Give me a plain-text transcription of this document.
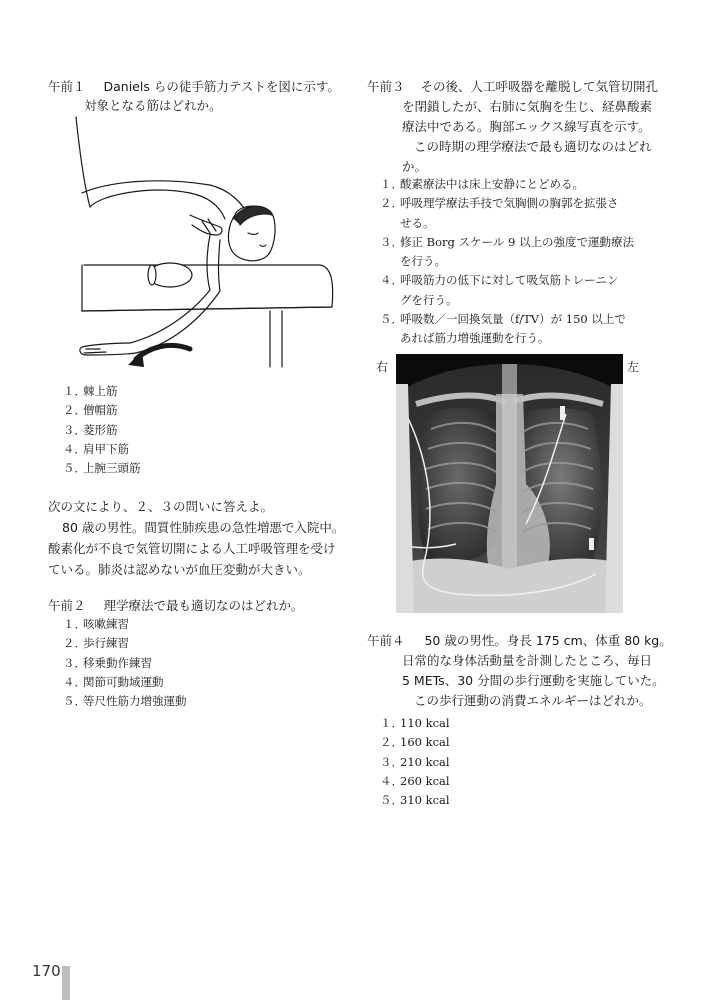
午前１ Daniels らの徒手筋力テストを図に示す。
対象となる筋はどれか。
１．棘上筋
２．僧帽筋
３．菱形筋
４．肩甲下筋
５．上腕三頭筋
次の文により、２、３の問いに答えよ。
80 歳の男性。間質性肺疾患の急性増悪で入院中。
酸素化が不良で気管切開による人工呼吸管理を受け
ている。肺炎は認めないが血圧変動が大きい。
午前２ 理学療法で最も適切なのはどれか。
１．咳嗽練習
２．歩行練習
３．移乗動作練習
４．関節可動域運動
５．等尺性筋力増強運動
午前３ その後、人工呼吸器を離脱して気管切開孔
を閉鎖したが、右肺に気胸を生じ、経鼻酸素
療法中である。胸部エックス線写真を示す。
この時期の理学療法で最も適切なのはどれ
か。
１．酸素療法中は床上安静にとどめる。
２．呼吸理学療法手技で気胸側の胸郭を拡張さ
せる。
３．修正 Borg スケール 9 以上の強度で運動療法
を行う。
４．呼吸筋力の低下に対して吸気筋トレーニン
グを行う。
５．呼吸数／一回換気量（f/TV）が 150 以上で
あれば筋力増強運動を行う。
右	左
午前４ 50 歳の男性。身長 175 cm、体重 80 kg。
日常的な身体活動量を計測したところ、毎日
5 METs、30 分間の歩行運動を実施していた。
この歩行運動の消費エネルギーはどれか。
１．110 kcal
２．160 kcal
３．210 kcal
４．260 kcal
５．310 kcal
170
